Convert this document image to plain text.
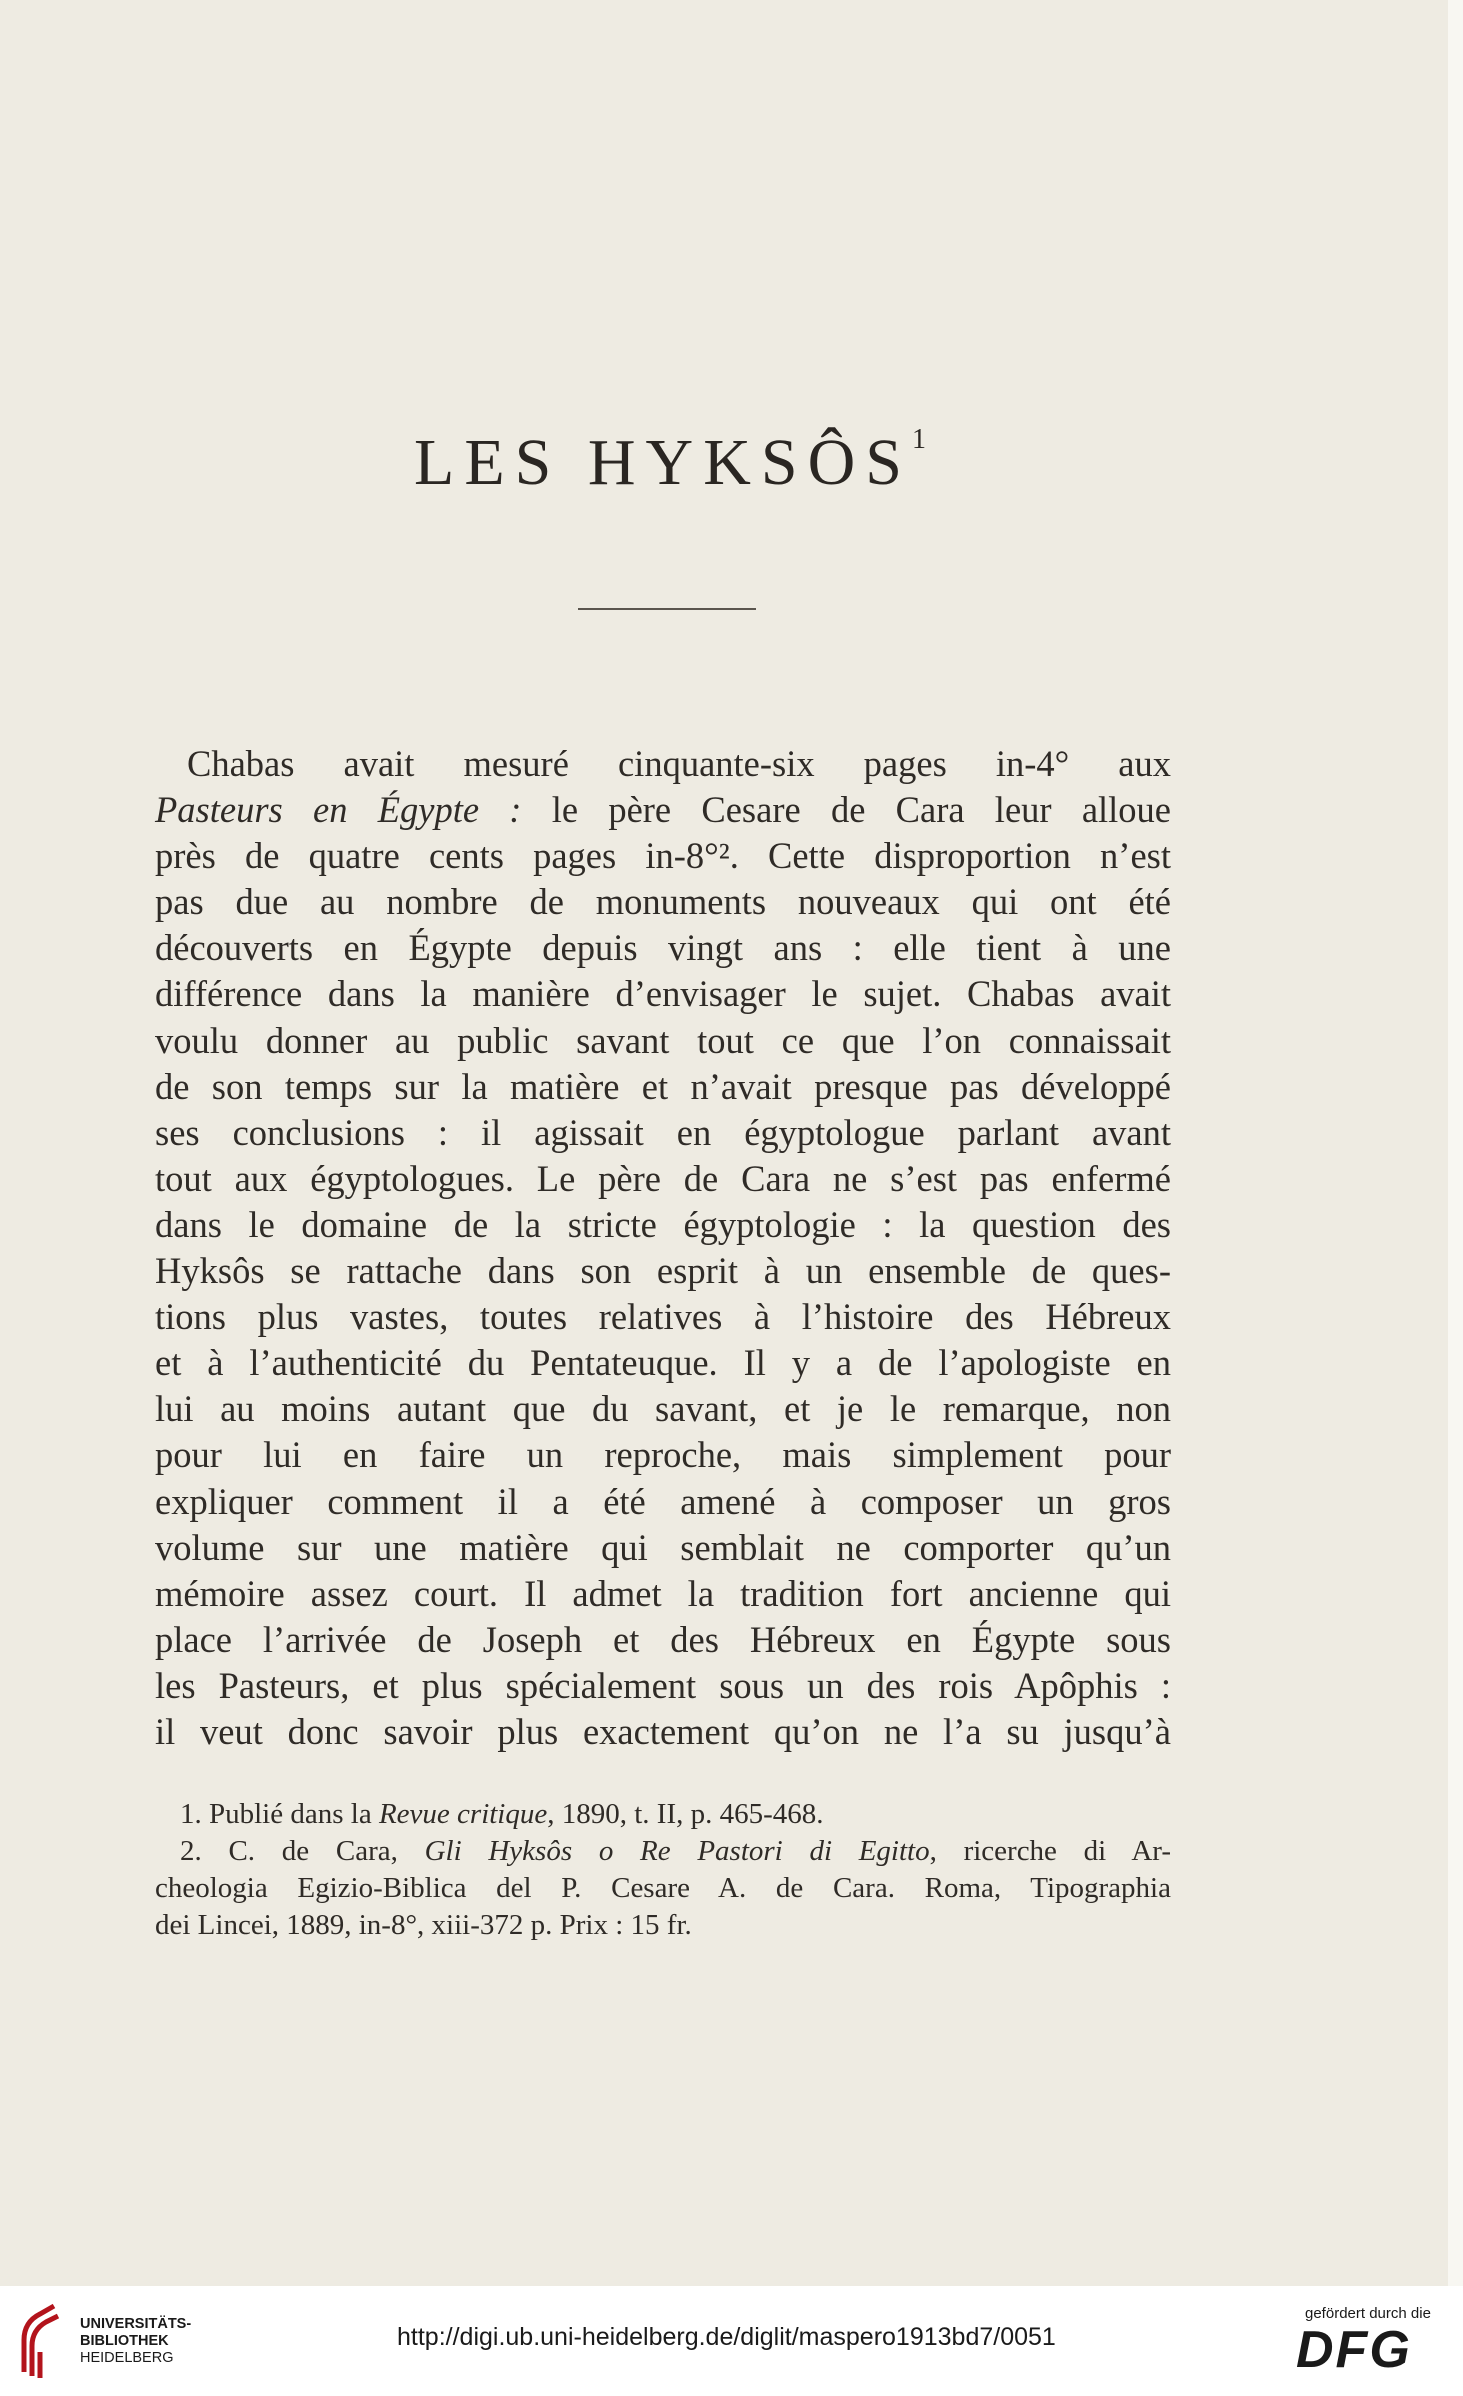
LES HYKSÔS$^1$
Chabas avait mesuré cinquante-six pages in-4° aux
Pasteurs en Égypte : le père Cesare de Cara leur alloue
près de quatre cents pages in-8°². Cette disproportion n’est
pas due au nombre de monuments nouveaux qui ont été
découverts en Égypte depuis vingt ans : elle tient à une
différence dans la manière d’envisager le sujet. Chabas avait
voulu donner au public savant tout ce que l’on connaissait
de son temps sur la matière et n’avait presque pas développé
ses conclusions : il agissait en égyptologue parlant avant
tout aux égyptologues. Le père de Cara ne s’est pas enfermé
dans le domaine de la stricte égyptologie : la question des
Hyksôs se rattache dans son esprit à un ensemble de ques-
tions plus vastes, toutes relatives à l’histoire des Hébreux
et à l’authenticité du Pentateuque. Il y a de l’apologiste en
lui au moins autant que du savant, et je le remarque, non
pour lui en faire un reproche, mais simplement pour
expliquer comment il a été amené à composer un gros
volume sur une matière qui semblait ne comporter qu’un
mémoire assez court. Il admet la tradition fort ancienne qui
place l’arrivée de Joseph et des Hébreux en Égypte sous
les Pasteurs, et plus spécialement sous un des rois Apôphis :
il veut donc savoir plus exactement qu’on ne l’a su jusqu’à
1. Publié dans la Revue critique, 1890, t. II, p. 465-468.
2. C. de Cara, Gli Hyksôs o Re Pastori di Egitto, ricerche di Ar-
cheologia Egizio-Biblica del P. Cesare A. de Cara. Roma, Tipographia
dei Lincei, 1889, in-8°, xiii-372 p. Prix : 15 fr.
UNIVERSITÄTS-
BIBLIOTHEK
HEIDELBERG
http://digi.ub.uni-heidelberg.de/diglit/maspero1913bd7/0051
gefördert durch die
DFG
